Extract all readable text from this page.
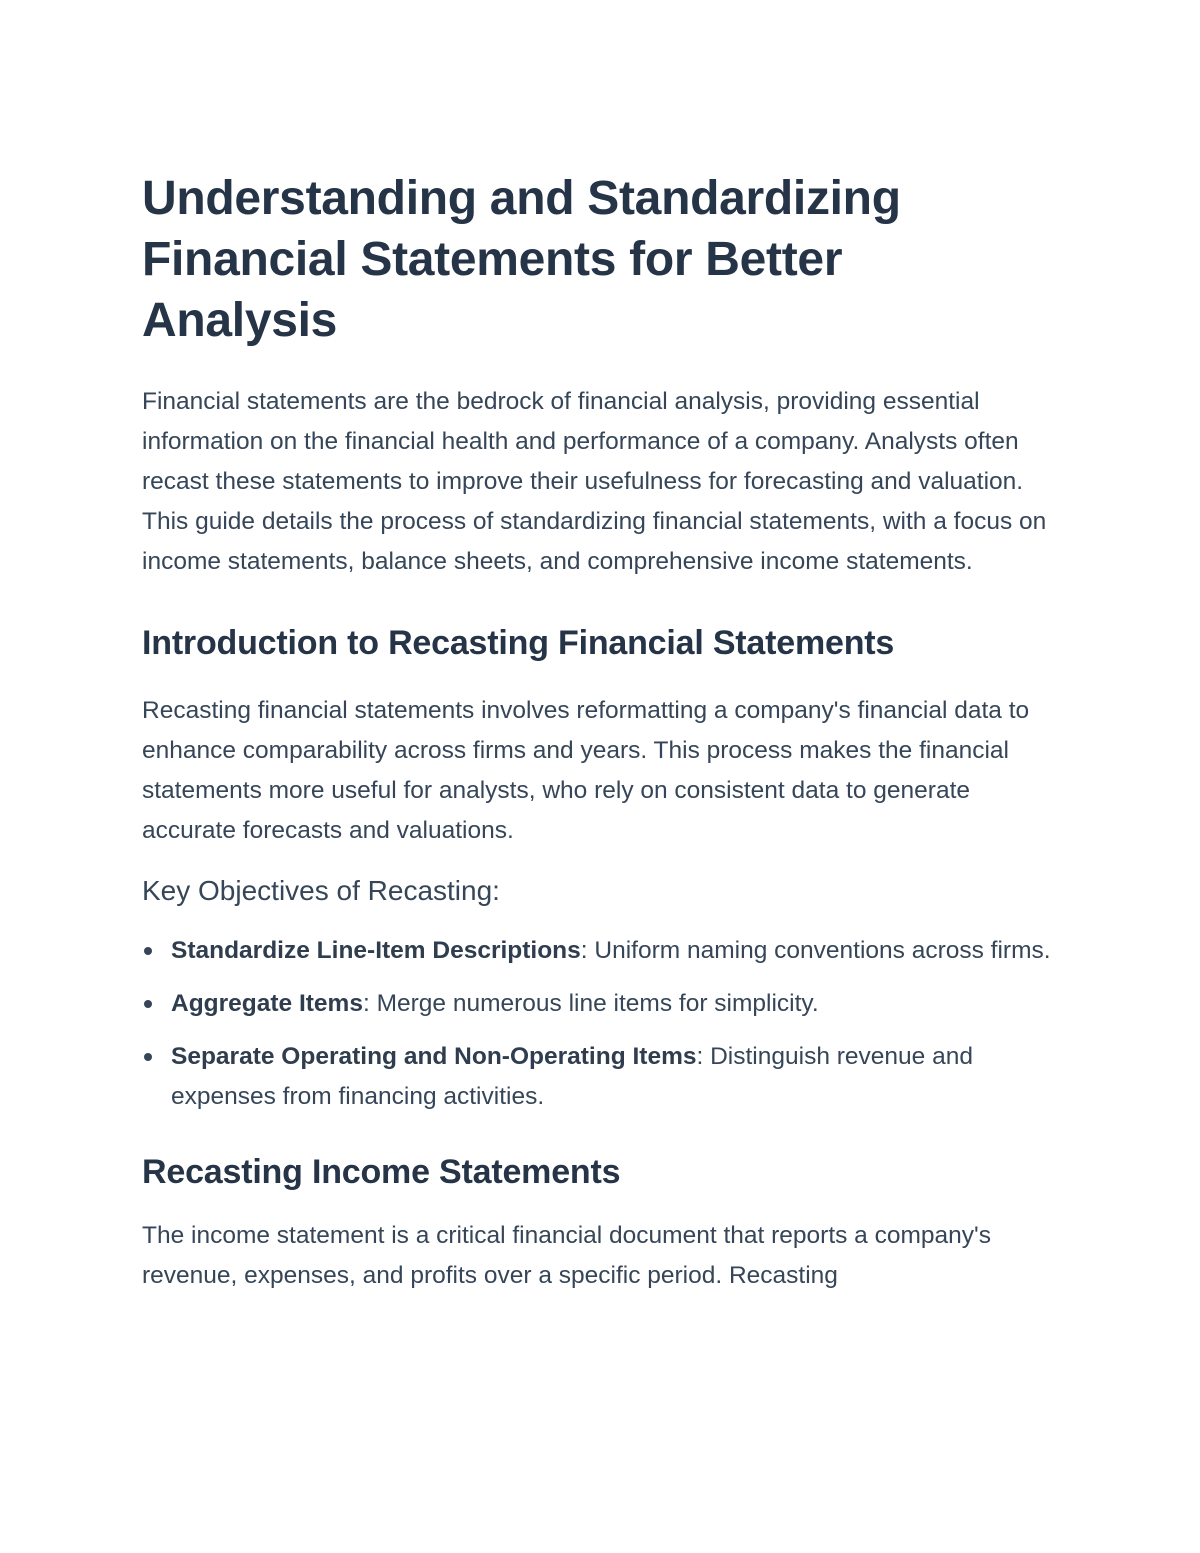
Understanding and Standardizing Financial Statements for Better Analysis

Financial statements are the bedrock of financial analysis, providing essential information on the financial health and performance of a company. Analysts often recast these statements to improve their usefulness for forecasting and valuation. This guide details the process of standardizing financial statements, with a focus on income statements, balance sheets, and comprehensive income statements.

Introduction to Recasting Financial Statements

Recasting financial statements involves reformatting a company's financial data to enhance comparability across firms and years. This process makes the financial statements more useful for analysts, who rely on consistent data to generate accurate forecasts and valuations.

Key Objectives of Recasting:
Standardize Line-Item Descriptions: Uniform naming conventions across firms.
Aggregate Items: Merge numerous line items for simplicity.
Separate Operating and Non-Operating Items: Distinguish revenue and expenses from financing activities.
Recasting Income Statements

The income statement is a critical financial document that reports a company's revenue, expenses, and profits over a specific period. Recasting
